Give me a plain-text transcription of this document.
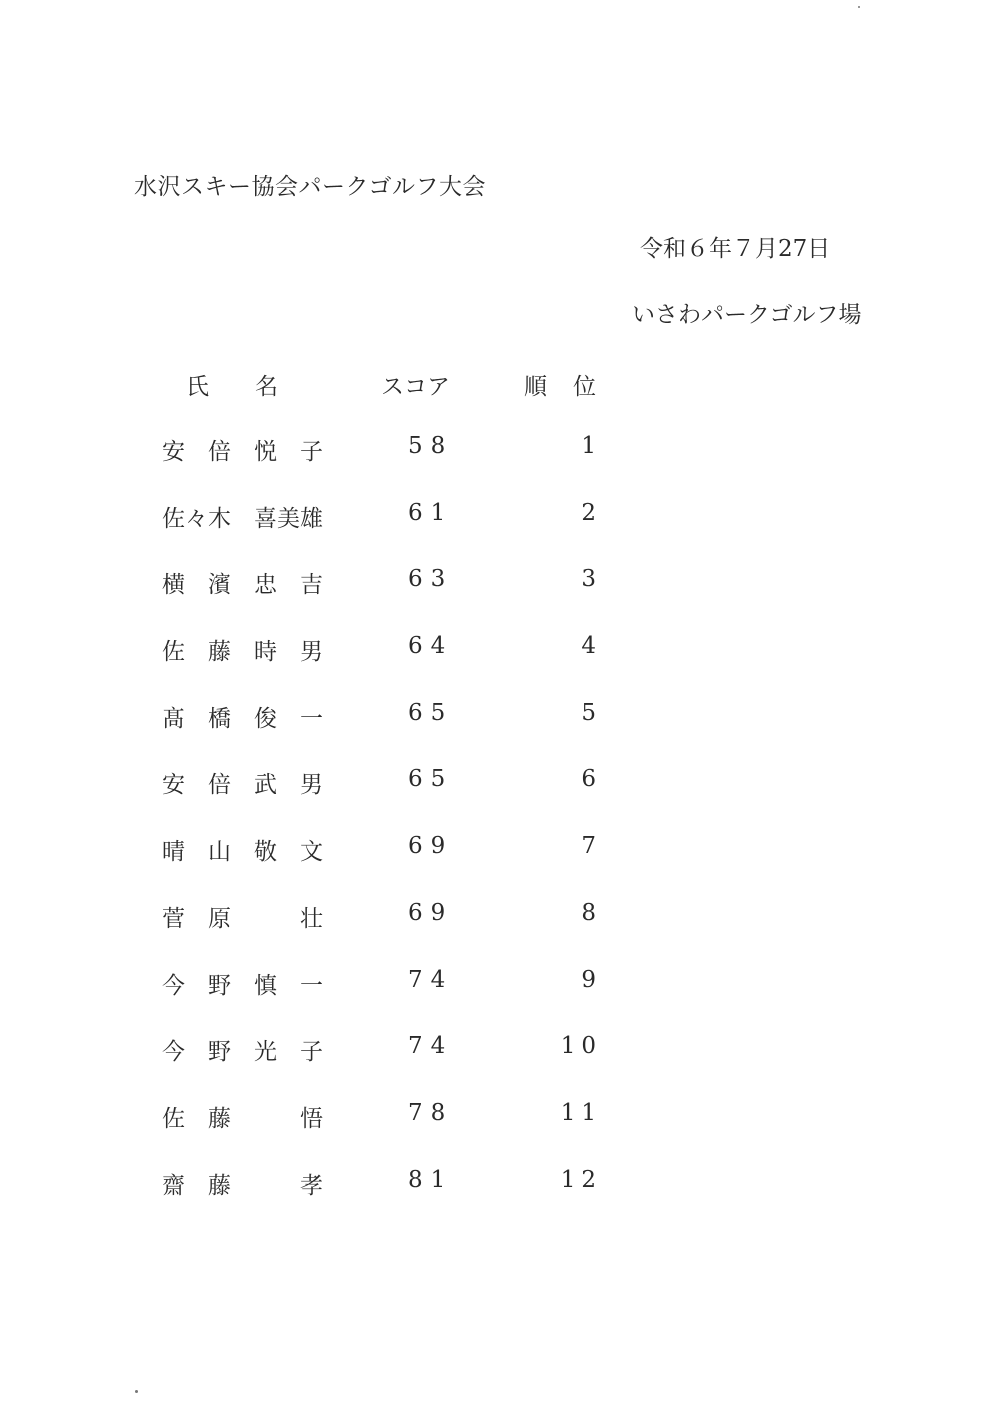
水沢スキー協会パークゴルフ大会
令和６年７月27日
いさわパークゴルフ場
氏名 スコア	順位
安　倍　悦　子	58	1
佐々木　喜美雄	61	2
横　濱　忠　吉	63	3
佐　藤　時　男	64	4
髙　橋　俊　一	65	5
安　倍　武　男	65	6
晴　山　敬　文	69	7
菅　原　　　壮	69	8
今　野　慎　一	74	9
今　野　光　子	74	10
佐　藤　　　悟	78	11
齋　藤　　　孝	81	12
